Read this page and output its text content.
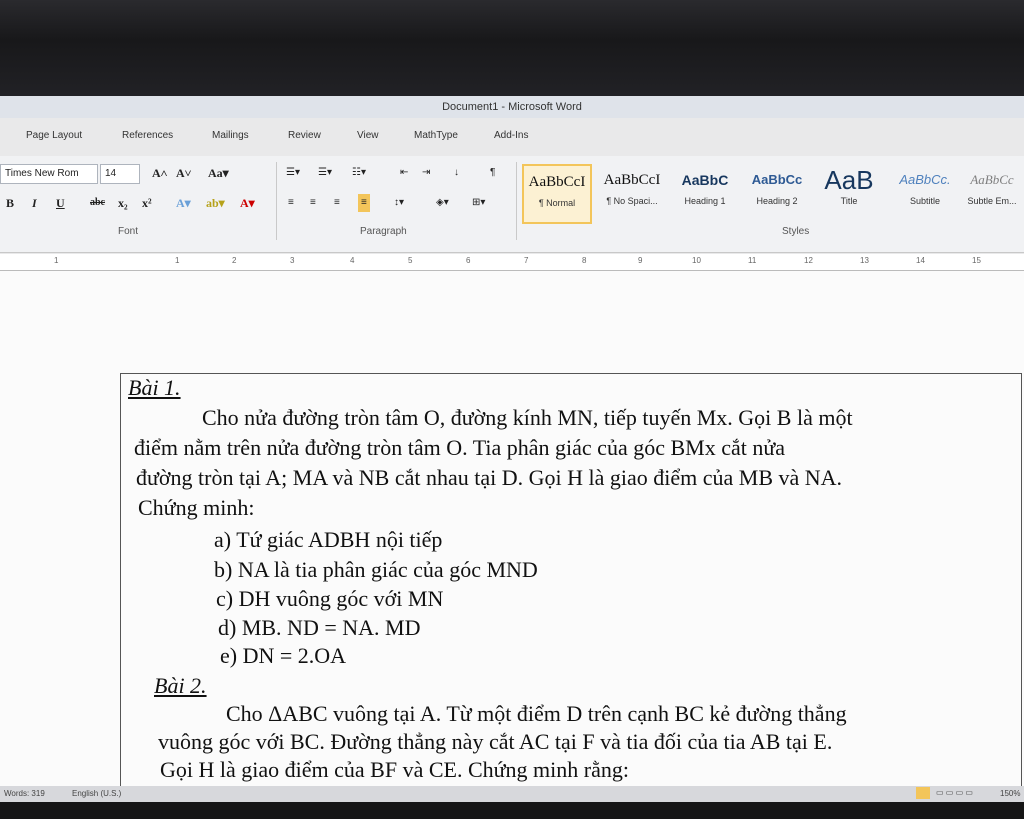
Document1 - Microsoft Word
Page Layout	References	Mailings	Review	View	MathType	Add-Ins
Times New Rom	14	A˄ A˅ Aa▾
B I U	abc x₂ x² A▾ ab▾ A▾
Font
☰▾ ☰▾ ☷▾	⇤ ⇥ ↓	¶
≡ ≡ ≡	≡	↕▾	◈▾ ⊞▾
Paragraph
AaBbCcI
¶ Normal
AaBbCcI
¶ No Spaci...
AaBbC
Heading 1
AaBbCc
Heading 2
AaB
Title
AaBbCc.
Subtitle
AaBbCc
Subtle Em...
Styles
1	1	2	3	4	5	6	7	8	9	10	11	12	13	14	15
Bài 1.
Cho nửa đường tròn tâm O, đường kính MN, tiếp tuyến Mx. Gọi B là một
điểm nằm trên nửa đường tròn tâm O. Tia phân giác của góc BMx cắt nửa
đường tròn tại A; MA và NB cắt nhau tại D. Gọi H là giao điểm của MB và NA.
Chứng minh:
a) Tứ giác ADBH nội tiếp
b) NA là tia phân giác của góc MND
c) DH vuông góc với MN
d) MB. ND = NA. MD
e) DN = 2.OA
Bài 2.
Cho ΔABC vuông tại A. Từ một điểm D trên cạnh BC kẻ đường thẳng
vuông góc với BC. Đường thẳng này cắt AC tại F và tia đối của tia AB tại E.
Gọi H là giao điểm của BF và CE. Chứng minh rằng:
Words: 319	English (U.S.)	▭ ▭ ▭ ▭	150%
